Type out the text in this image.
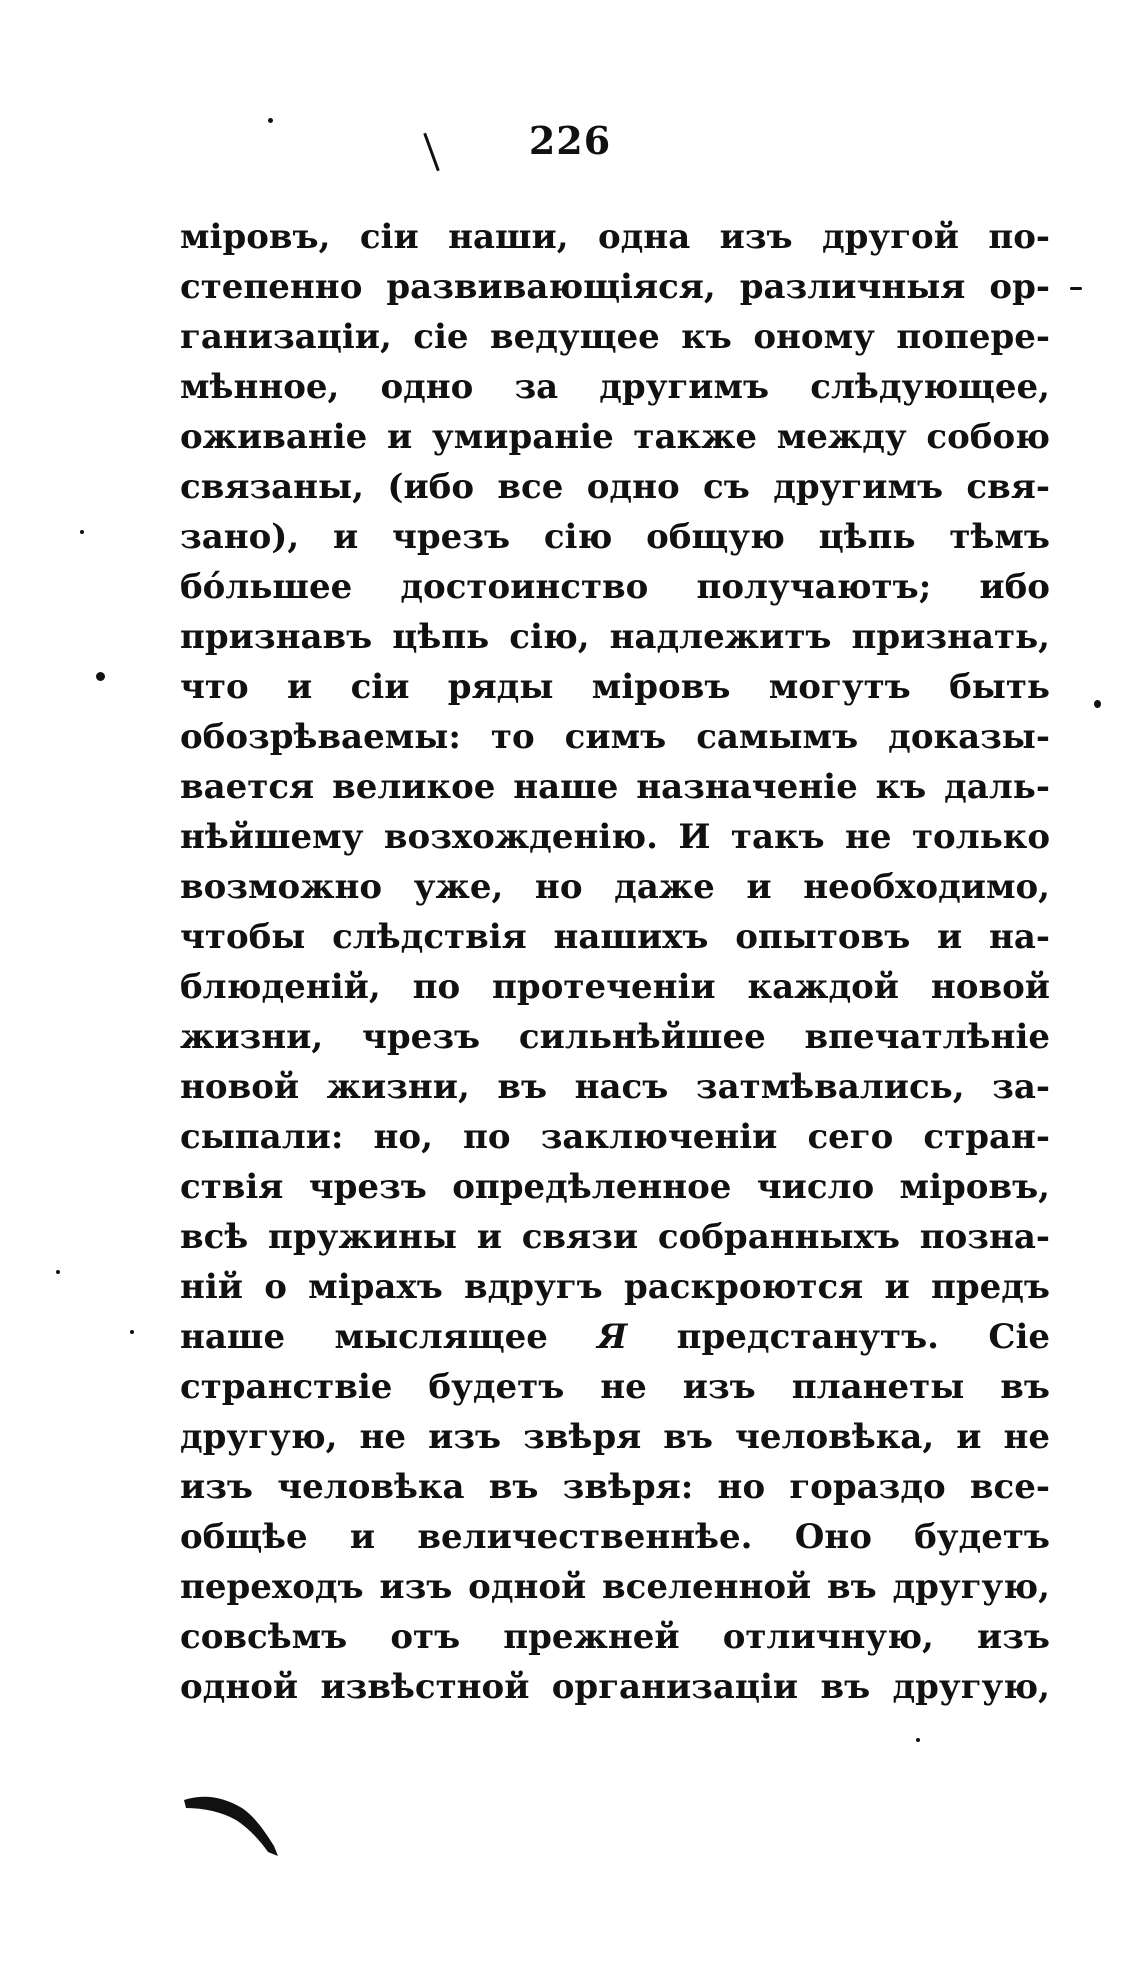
226
міровъ, сіи наши, одна изъ другой по-
степенно развивающіяся, различныя ор-
ганизаціи, сіе ведущее къ оному попере-
мѣнное, одно за другимъ слѣдующее,
оживаніе и умираніе также между собою
связаны, (ибо все одно съ другимъ свя-
зано), и чрезъ сію общую цѣпь тѣмъ
бо́льшее достоинство получаютъ; ибо
признавъ цѣпь сію, надлежитъ признать,
что и сіи ряды міровъ могутъ быть
обозрѣваемы: то симъ самымъ доказы-
вается великое наше назначеніе къ даль-
нѣйшему возхожденію. И такъ не только
возможно уже, но даже и необходимо,
чтобы слѣдствія нашихъ опытовъ и на-
блюденій, по протеченіи каждой новой
жизни, чрезъ сильнѣйшее впечатлѣніе
новой жизни, въ насъ затмѣвались, за-
сыпали: но, по заключеніи сего стран-
ствія чрезъ опредѣленное число міровъ,
всѣ пружины и связи собранныхъ позна-
ній о мірахъ вдругъ раскроются и предъ
наше мыслящее Я предстанутъ. Сіе
странствіе будетъ не изъ планеты въ
другую, не изъ звѣря въ человѣка, и не
изъ человѣка въ звѣря: но гораздо все-
общѣе и величественнѣе. Оно будетъ
переходъ изъ одной вселенной въ другую,
совсѣмъ отъ прежней отличную, изъ
одной извѣстной организаціи въ другую,
